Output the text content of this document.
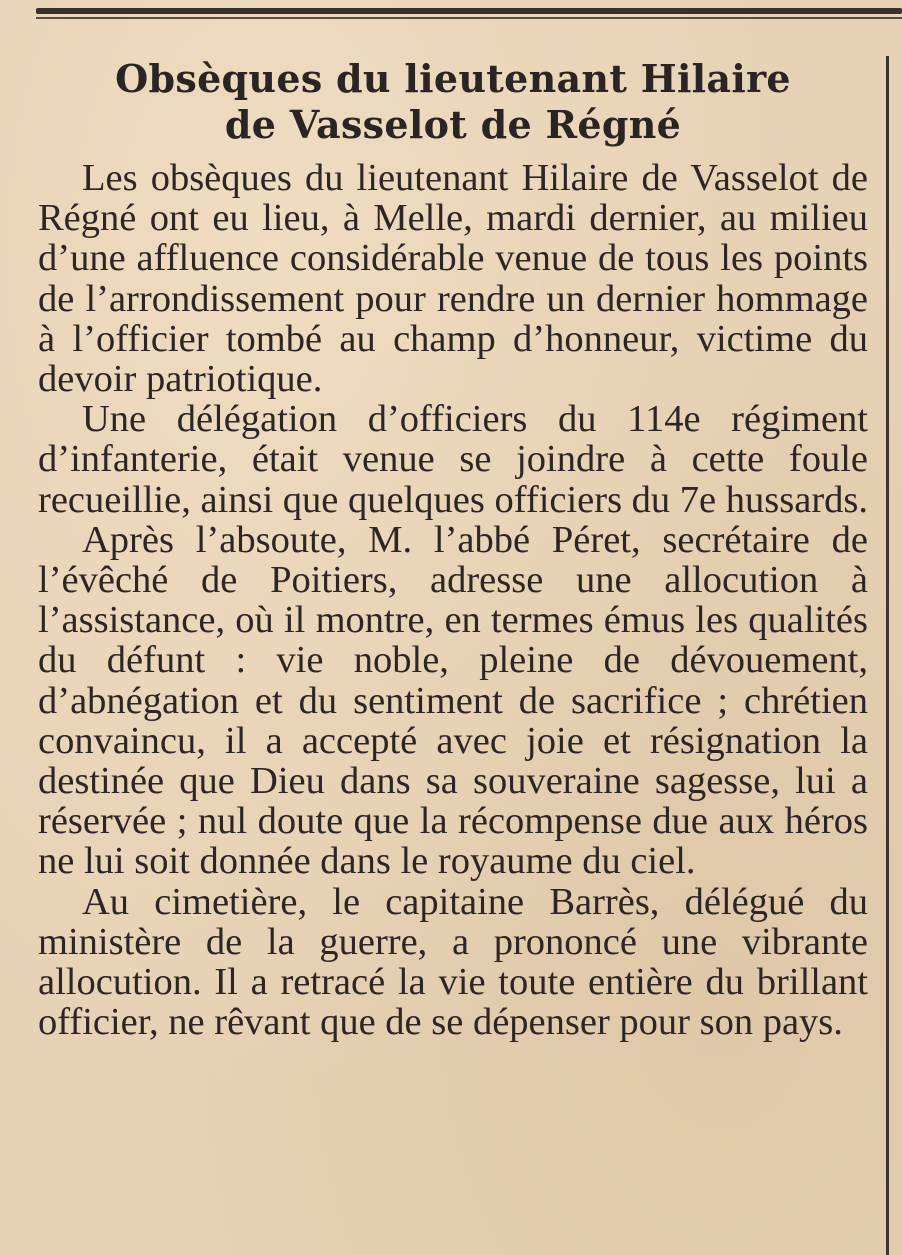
Obsèques du lieutenant Hilaire
de Vasselot de Régné

Les obsèques du lieutenant Hilaire de Vasselot de Régné ont eu lieu, à Melle, mardi dernier, au milieu d’une affluence considérable venue de tous les points de l’arrondissement pour rendre un dernier hommage à l’officier tombé au champ d’honneur, victime du devoir patriotique.

Une délégation d’officiers du 114e régiment d’infanterie, était venue se joindre à cette foule recueillie, ainsi que quelques officiers du 7e hussards.

Après l’absoute, M. l’abbé Péret, secrétaire de l’évêché de Poitiers, adresse une allocution à l’assistance, où il montre, en termes émus les qualités du défunt : vie noble, pleine de dévouement, d’abnégation et du sentiment de sacrifice ; chrétien convaincu, il a accepté avec joie et résignation la destinée que Dieu dans sa souveraine sagesse, lui a réservée ; nul doute que la récompense due aux héros ne lui soit donnée dans le royaume du ciel.

Au cimetière, le capitaine Barrès, délégué du ministère de la guerre, a prononcé une vibrante allocution. Il a retracé la vie toute entière du brillant officier, ne rêvant que de se dépenser pour son pays.
